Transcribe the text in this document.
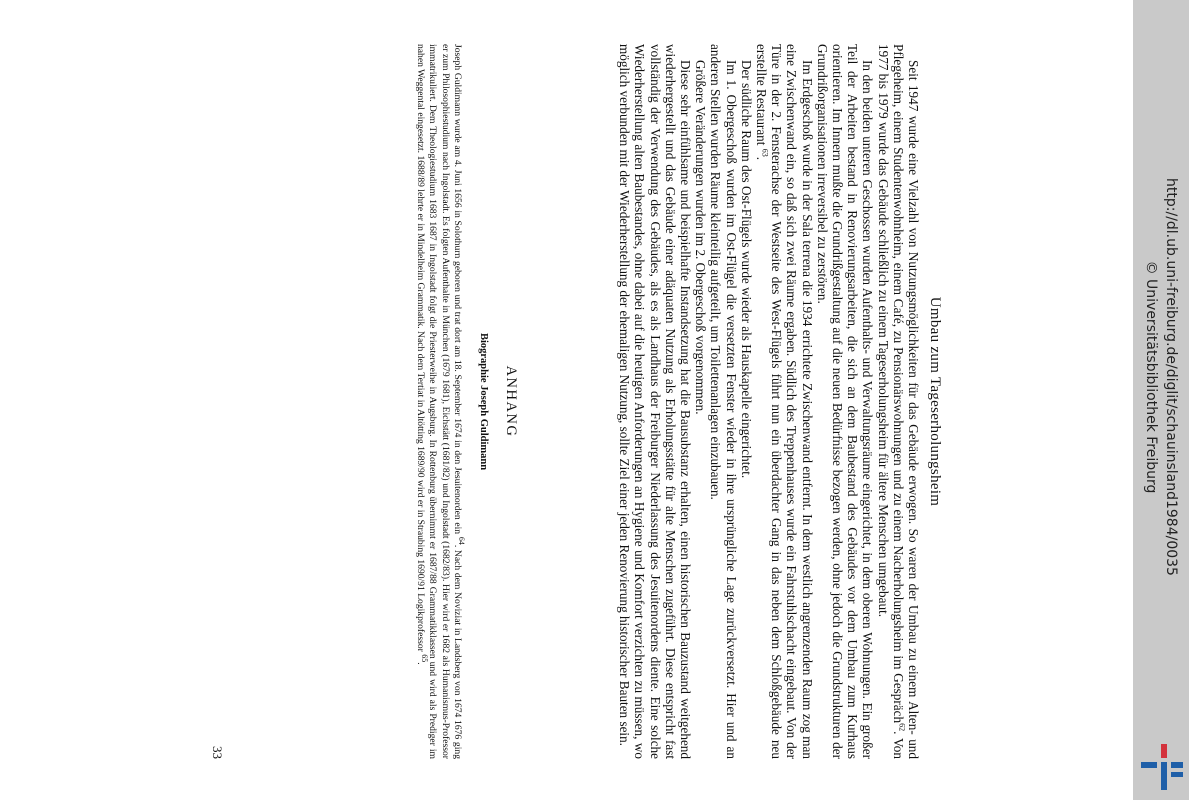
Umbau zum Tageserholungsheim

Seit 1947 wurde eine Vielzahl von Nutzungsmöglichkeiten für das Gebäude erwogen. So waren der Umbau zu einem Alten- und Pflegeheim, einem Studentenwohnheim, einem Café, zu Pensionärswohnungen und zu einem Nacherholungsheim im Gespräch$^{62}$. Von 1977 bis 1979 wurde das Gebäude schließlich zu einem Tageserholungsheim für ältere Menschen umgebaut.

In den beiden unteren Geschossen wurden Aufenthalts- und Verwaltungsräume eingerichtet, in dem oberen Wohnungen. Ein großer Teil der Arbeiten bestand in Renovierungsarbeiten, die sich an dem Baubestand des Gebäudes vor dem Umbau zum Kurhaus orientieren. Im Innern mußte die Grundrißgestaltung auf die neuen Bedürfnisse bezogen werden, ohne jedoch die Grundstrukturen der Grundrißorganisationen irreversibel zu zerstören.

Im Erdgeschoß wurde in der Sala terrena die 1934 errichtete Zwischenwand entfernt. In dem westlich angrenzenden Raum zog man eine Zwischenwand ein, so daß sich zwei Räume ergaben. Südlich des Treppenhauses wurde ein Fahrstuhlschacht eingebaut. Von der Türe in der 2. Fensterachse der Westseite des West-Flügels führt nun ein überdachter Gang in das neben dem Schloßgebäude neu erstellte Restaurant $^{63}$.

Der südliche Raum des Ost-Flügels wurde wieder als Hauskapelle eingerichtet.

Im 1. Obergeschoß wurden im Ost-Flügel die versetzten Fenster wieder in ihre ursprüngliche Lage zurückversetzt. Hier und an anderen Stellen wurden Räume kleinteilig aufgeteilt, um Toilettenanlagen einzubauen.

Größere Veränderungen wurden im 2. Obergeschoß vorgenommen.

Diese sehr einfühlsame und beispielhafte Instandsetzung hat die Bausubstanz erhalten, einen historischen Bauzustand weitgehend wiederhergestellt und das Gebäude einer adäquaten Nutzung als Erholungsstätte für alte Menschen zugeführt. Diese entspricht fast vollständig der Verwendung des Gebäudes, als es als Landhaus der Freiburger Niederlassung des Jesuitenordens diente. Eine solche Wiederherstellung alten Baubestandes, ohne dabei auf die heutigen Anforderungen an Hygiene und Komfort verzichten zu müssen, wo möglich verbunden mit der Wiederherstellung der ehemaligen Nutzung, sollte Ziel einer jeden Renovierung historischer Bauten sein.

ANHANG
Biographie Joseph Guldimann
Joseph Guldimann wurde am 4. Juni 1656 in Solothurn geboren und trat dort am 18. September 1674 in den Jesuitenorden ein $^{64}$. Nach dem Noviziat in Landsberg von 1674 1676 ging er zum Philosophiestudium nach Ingolstadt. Es folgten Aufenthalte in München (1679 1681), Eichstätt (1681/82) und Ingolstadt (1682/83). Hier wird er 1682 als Humanismus-Professor immatrikuliert. Dem Theologiestudium 1683 1687 in Ingolstadt folgt die Priesterweihe in Augsburg. In Rottenburg übernimmt er 1687/88 Grammatikklassen und wird als Prediger im nahen Weggental eingesetzt. 1688/89 lehrte er in Mindelheim Grammatik. Nach dem Tertiat in Altötting 1689/90 wird er in Straubing 1690/91 Logikprofessor $^{65}$.
33
http://dl.ub.uni-freiburg.de/diglit/schauinsland1984/0035
© Universitätsbibliothek Freiburg
